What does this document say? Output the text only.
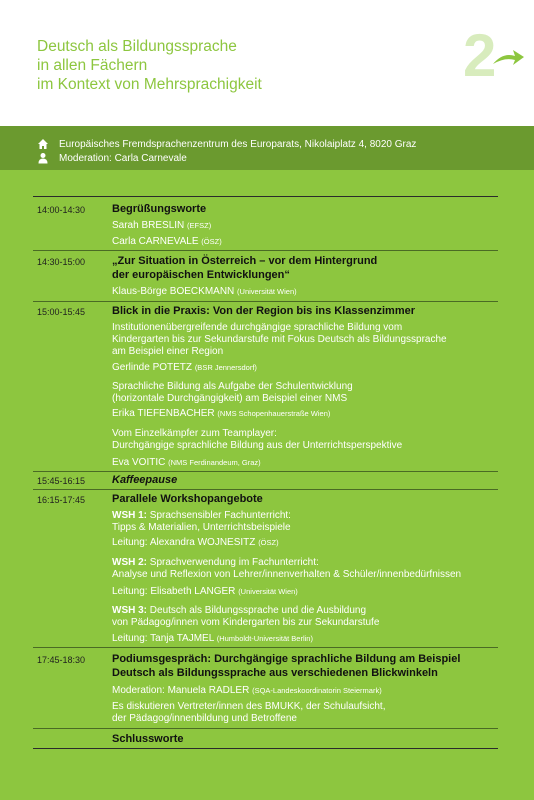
Deutsch als Bildungssprache
in allen Fächern
im Kontext von Mehrsprachigkeit	2
Europäisches Fremdsprachenzentrum des Europarats, Nikolaiplatz 4, 8020 Graz
Moderation: Carla Carnevale
14:00-14:30 Begrüßungsworte
Sarah BRESLIN (EFSZ)
Carla CARNEVALE (ÖSZ)
14:30-15:00 „Zur Situation in Österreich – vor dem Hintergrund
der europäischen Entwicklungen“
Klaus-Börge BOECKMANN (Universität Wien)
15:00-15:45 Blick in die Praxis: Von der Region bis ins Klassenzimmer
Institutionenübergreifende durchgängige sprachliche Bildung vom
Kindergarten bis zur Sekundarstufe mit Fokus Deutsch als Bildungssprache
am Beispiel einer Region
Gerlinde POTETZ (BSR Jennersdorf)
Sprachliche Bildung als Aufgabe der Schulentwicklung
(horizontale Durchgängigkeit) am Beispiel einer NMS
Erika TIEFENBACHER (NMS Schopenhauerstraße Wien)
Vom Einzelkämpfer zum Teamplayer:
Durchgängige sprachliche Bildung aus der Unterrichtsperspektive
Eva VOITIC (NMS Ferdinandeum, Graz)
15:45-16:15 Kaffeepause
16:15-17:45 Parallele Workshopangebote
WSH 1: Sprachsensibler Fachunterricht:
Tipps & Materialien, Unterrichtsbeispiele
Leitung: Alexandra WOJNESITZ (ÖSZ)
WSH 2: Sprachverwendung im Fachunterricht:
Analyse und Reflexion von Lehrer/innenverhalten & Schüler/innenbedürfnissen
Leitung: Elisabeth LANGER (Universität Wien)
WSH 3: Deutsch als Bildungssprache und die Ausbildung
von Pädagog/innen vom Kindergarten bis zur Sekundarstufe
Leitung: Tanja TAJMEL (Humboldt-Universität Berlin)
17:45-18:30 Podiumsgespräch: Durchgängige sprachliche Bildung am Beispiel
Deutsch als Bildungssprache aus verschiedenen Blickwinkeln
Moderation: Manuela RADLER (SQA-Landeskoordinatorin Steiermark)
Es diskutieren Vertreter/innen des BMUKK, der Schulaufsicht,
der Pädagog/innenbildung und Betroffene
Schlussworte
